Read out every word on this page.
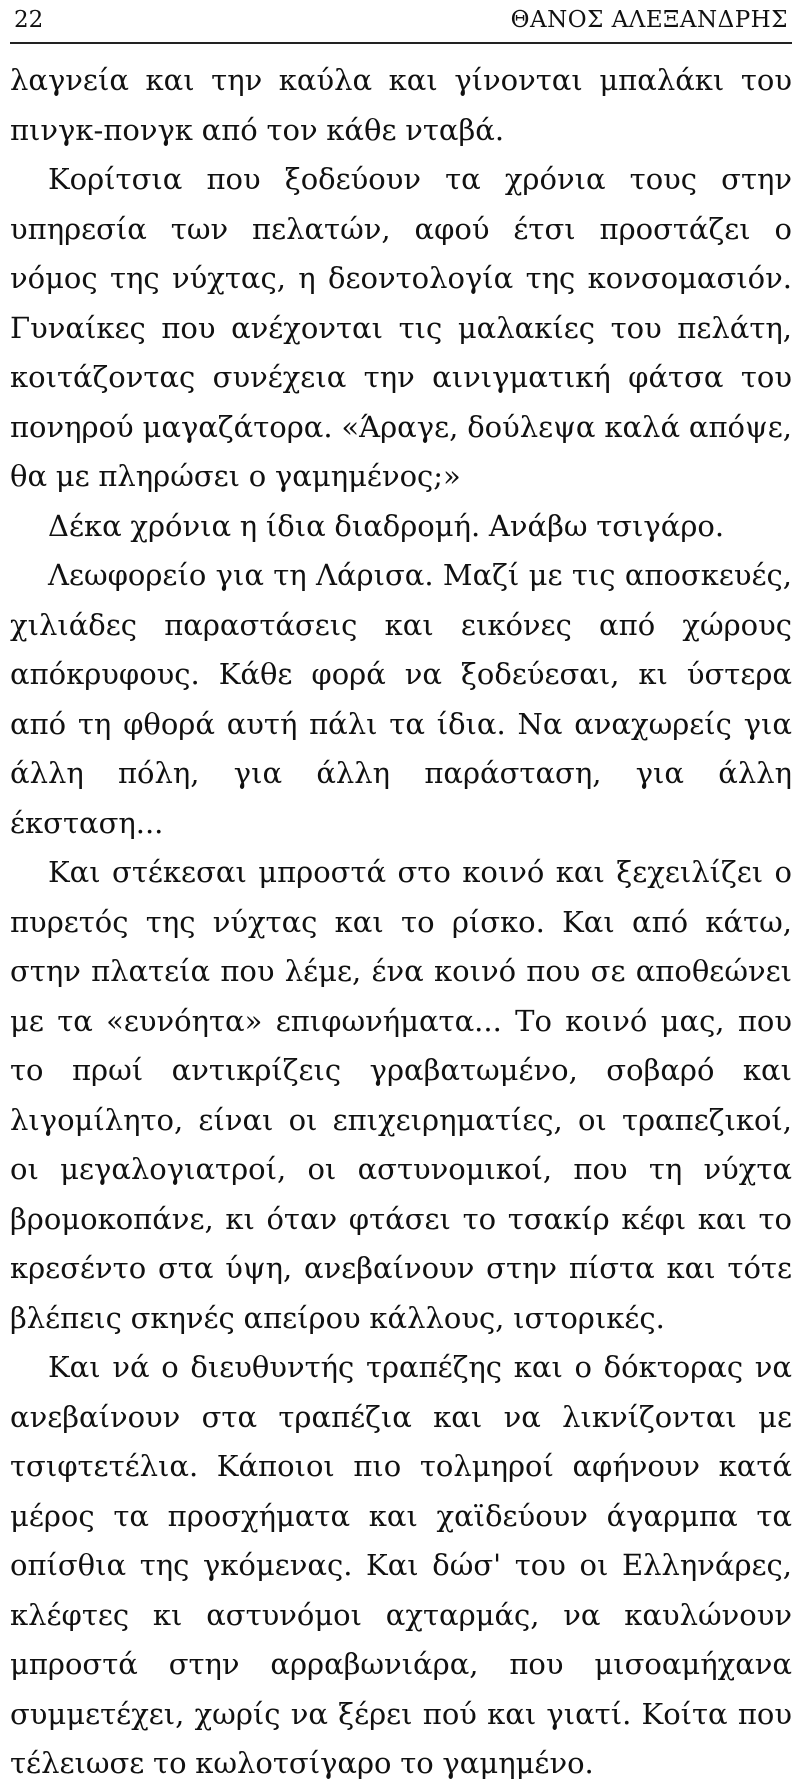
22	ΘΑΝΟΣ ΑΛΕΞΑΝΔΡΗΣ

λαγνεία και την καύλα και γίνονται μπαλάκι του πινγκ-πονγκ από τον κάθε νταβά.

Κορίτσια που ξοδεύουν τα χρόνια τους στην υπηρεσία των πελατών, αφού έτσι προστάζει ο νόμος της νύχτας, η δεοντολογία της κονσομασιόν. Γυναίκες που ανέχονται τις μαλακίες του πελάτη, κοιτάζοντας συνέχεια την αινιγματική φάτσα του πονηρού μαγαζάτορα. «Άραγε, δούλεψα καλά απόψε, θα με πληρώσει ο γαμημένος;»

Δέκα χρόνια η ίδια διαδρομή. Ανάβω τσιγάρο.

Λεωφορείο για τη Λάρισα. Μαζί με τις αποσκευές, χιλιάδες παραστάσεις και εικόνες από χώρους απόκρυφους. Κάθε φορά να ξοδεύεσαι, κι ύστερα από τη φθορά αυτή πάλι τα ίδια. Να αναχωρείς για άλλη πόλη, για άλλη παράσταση, για άλλη έκσταση...

Και στέκεσαι μπροστά στο κοινό και ξεχειλίζει ο πυρετός της νύχτας και το ρίσκο. Και από κάτω, στην πλατεία που λέμε, ένα κοινό που σε αποθεώνει με τα «ευνόητα» επιφωνήματα... Το κοινό μας, που το πρωί αντικρίζεις γραβατωμένο, σοβαρό και λιγομίλητο, είναι οι επιχειρηματίες, οι τραπεζικοί, οι μεγαλογιατροί, οι αστυνομικοί, που τη νύχτα βρομοκοπάνε, κι όταν φτάσει το τσακίρ κέφι και το κρεσέντο στα ύψη, ανεβαίνουν στην πίστα και τότε βλέπεις σκηνές απείρου κάλλους, ιστορικές.

Και νά ο διευθυντής τραπέζης και ο δόκτορας να ανεβαίνουν στα τραπέζια και να λικνίζονται με τσιφτετέλια. Κάποιοι πιο τολμηροί αφήνουν κατά μέρος τα προσχήματα και χαϊδεύουν άγαρμπα τα οπίσθια της γκόμενας. Και δώσ' του οι Ελληνάρες, κλέφτες κι αστυνόμοι αχταρμάς, να καυλώνουν μπροστά στην αρραβωνιάρα, που μισοαμήχανα συμμετέχει, χωρίς να ξέρει πού και γιατί. Κοίτα που τέλειωσε το κωλοτσίγαρο το γαμημένο.
